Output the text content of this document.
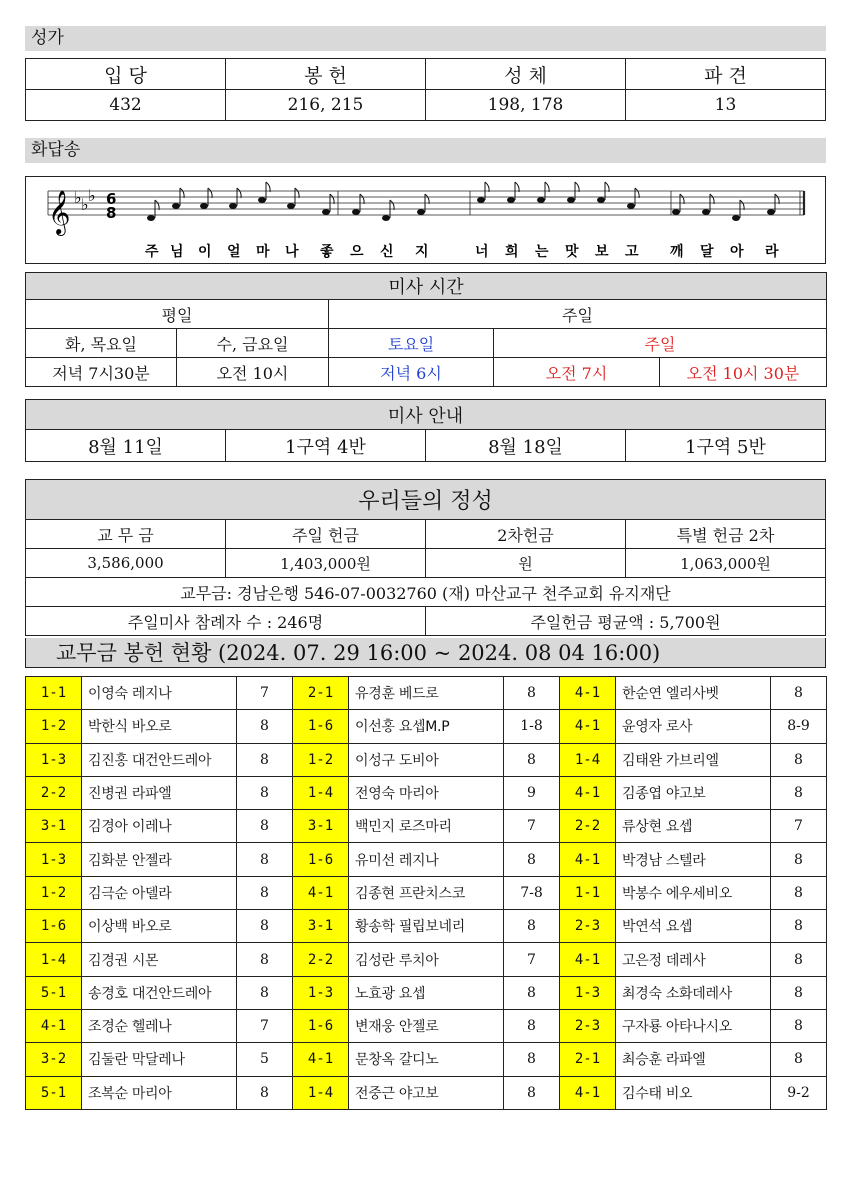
성가
입 당	봉 헌	성 체	파 견
432	216, 215	198, 178	13
화답송
𝄞 ♭ ♭ ♭ 6
8
주 님 이 얼 마 나 좋 으 신 지	너 희 는 맛 보 고 깨 달 아 라
미사 시간				
평일		주일		
화, 목요일	수, 금요일	토요일	주일	
저녁 7시30분	오전 10시	저녁 6시	오전 7시	오전 10시 30분
미사 안내
8월 11일	1구역 4반	8월 18일	1구역 5반
우리들의 정성			
교 무 금	주일 헌금	2차헌금	특별 헌금 2차
3,586,000	1,403,000원	원	1,063,000원
교무금: 경남은행 546-07-0032760 (재) 마산교구 천주교회 유지재단			
주일미사 참례자 수 : 246명		주일헌금 평균액 : 5,700원	
교무금 봉헌 현황 (2024. 07. 29 16:00 ~ 2024. 08 04 16:00)
1-1	이영숙 레지나	7	2-1	유경훈 베드로	8	4-1	한순연 엘리사벳	8
1-2	박한식 바오로	8	1-6	이선홍 요셉M.P	1-8	4-1	윤영자 로사	8-9
1-3	김진홍 대건안드레아	8	1-2	이성구 도비아	8	1-4	김태완 가브리엘	8
2-2	진병권 라파엘	8	1-4	전영숙 마리아	9	4-1	김종엽 야고보	8
3-1	김경아 이레나	8	3-1	백민지 로즈마리	7	2-2	류상현 요셉	7
1-3	김화분 안젤라	8	1-6	유미선 레지나	8	4-1	박경남 스텔라	8
1-2	김극순 아델라	8	4-1	김종현 프란치스코	7-8	1-1	박봉수 에우세비오	8
1-6	이상백 바오로	8	3-1	황송학 필립보네리	8	2-3	박연석 요셉	8
1-4	김경권 시몬	8	2-2	김성란 루치아	7	4-1	고은정 데레사	8
5-1	송경호 대건안드레아	8	1-3	노효광 요셉	8	1-3	최경숙 소화데레사	8
4-1	조경순 헬레나	7	1-6	변재웅 안젤로	8	2-3	구자룡 아타나시오	8
3-2	김둘란 막달레나	5	4-1	문창옥 갈디노	8	2-1	최승훈 라파엘	8
5-1	조복순 마리아	8	1-4	전중근 야고보	8	4-1	김수태 비오	9-2
